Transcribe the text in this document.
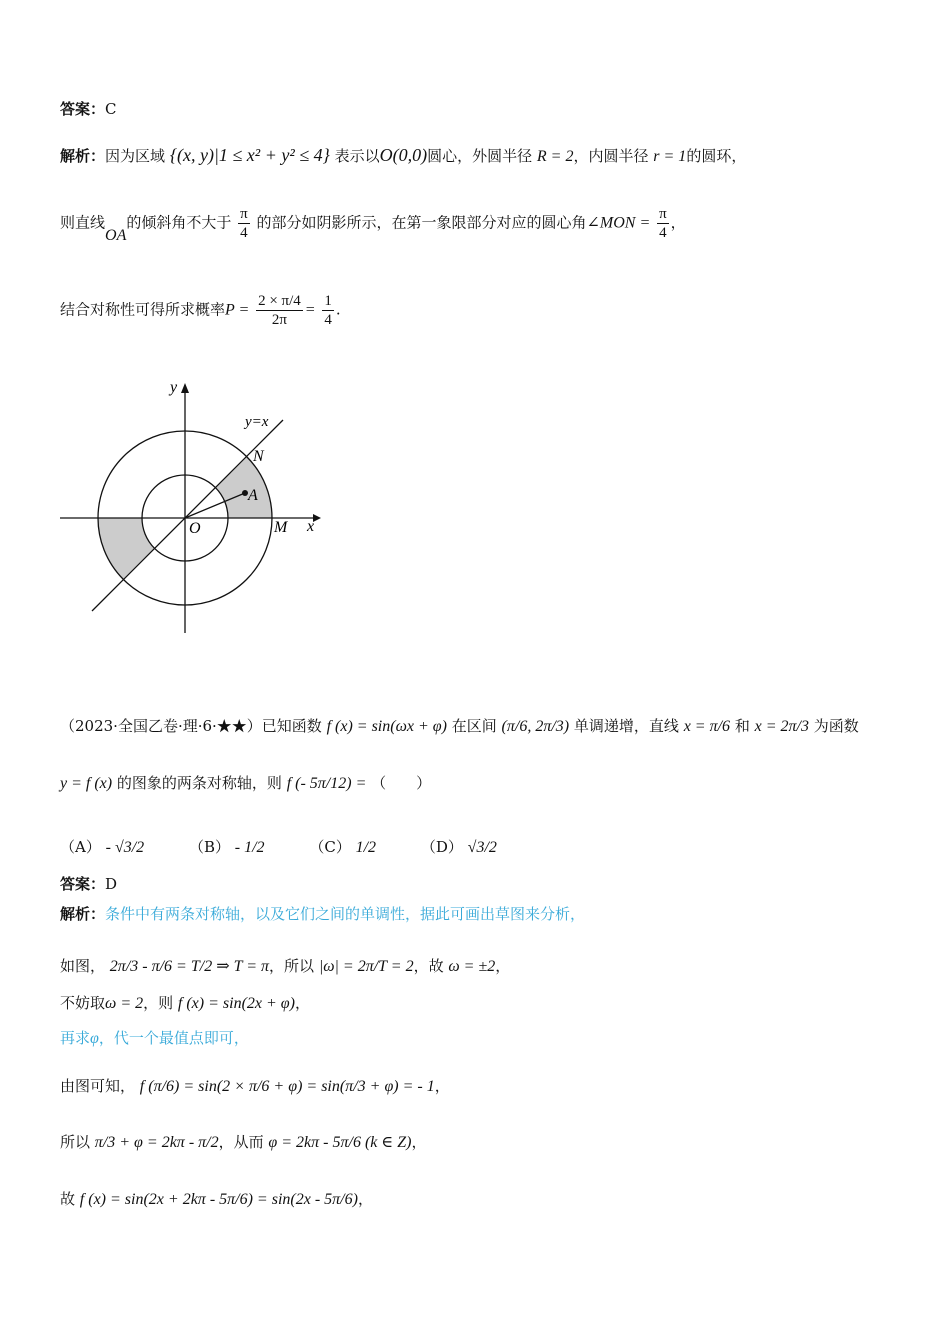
答案：C
解析：因为区域 {(x, y)|1 ≤ x² + y² ≤ 4} 表示以O(0,0)圆心，外圆半径 R = 2，内圆半径 r = 1的圆环，
则直线OA的倾斜角不大于 $\frac{\pi}{4}$ 的部分如阴影所示，在第一象限部分对应的圆心角∠MON = $\frac{\pi}{4}$ ，
结合对称性可得所求概率$P = \frac{2 \times \pi/4}{2\pi} = \frac{1}{4}$ .
y
x
y=x
N
A
O	M
（2023·全国乙卷·理·6·★★）已知函数 f (x) = sin(ωx + φ) 在区间 (π/6, 2π/3) 单调递增，直线 x = π/6 和 x = 2π/3 为函数
y = f (x) 的图象的两条对称轴，则 f (- 5π/12) = （　　）
（A） - √3/2	（B） - 1/2	（C） 1/2	（D） √3/2
答案：D
解析：条件中有两条对称轴，以及它们之间的单调性，据此可画出草图来分析，
如图， 2π/3 - π/6 = T/2 ⇒ T = π，所以 |ω| = 2π/T = 2，故 ω = ±2，
不妨取ω = 2，则 f (x) = sin(2x + φ)，
再求φ，代一个最值点即可，
由图可知， f (π/6) = sin(2 × π/6 + φ) = sin(π/3 + φ) = - 1，
所以 π/3 + φ = 2kπ - π/2，从而 φ = 2kπ - 5π/6 (k ∈ Z)，
故 f (x) = sin(2x + 2kπ - 5π/6) = sin(2x - 5π/6)，
